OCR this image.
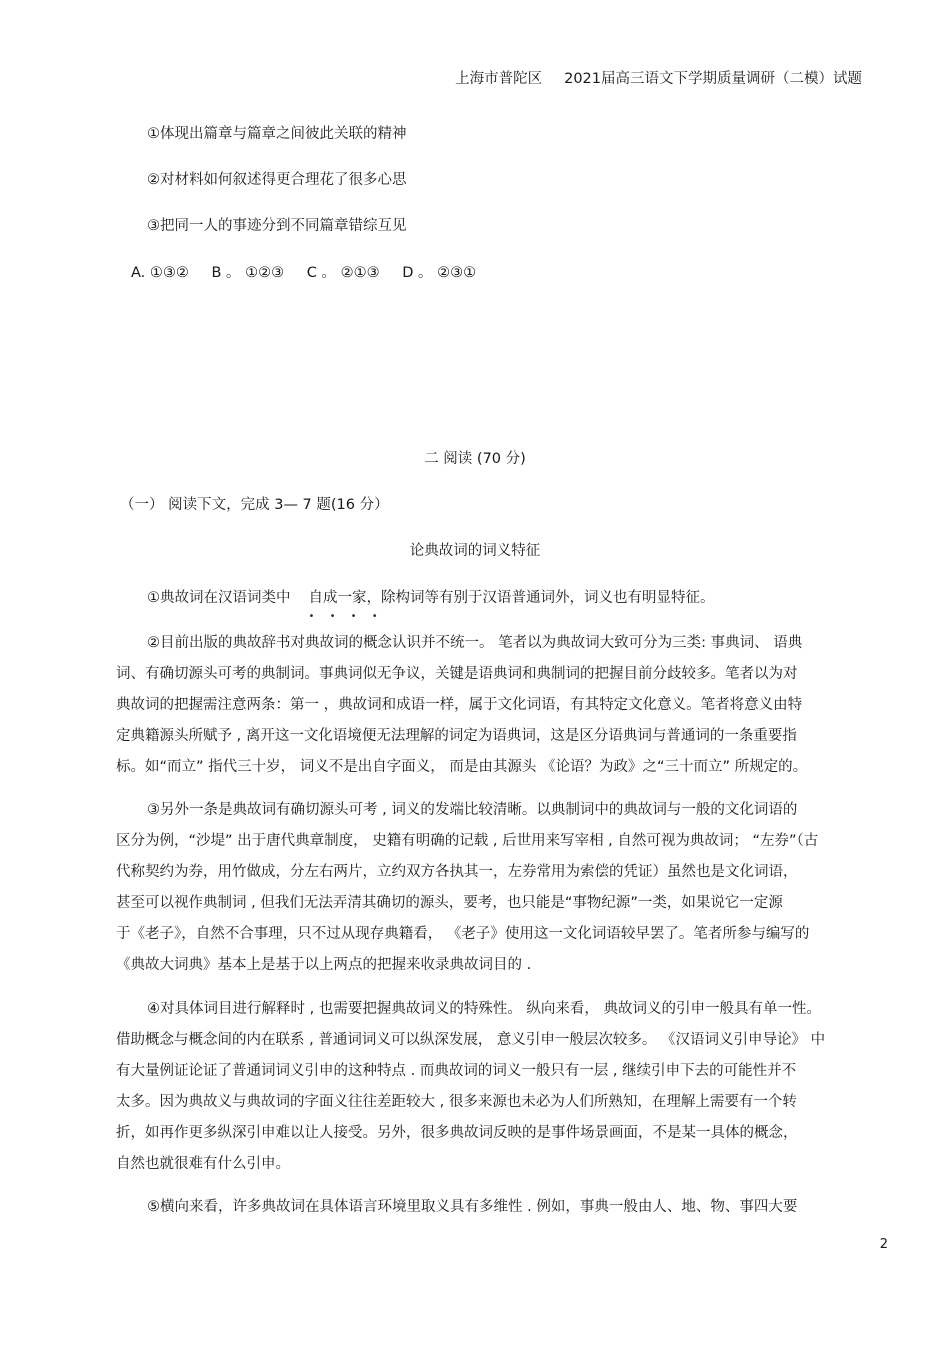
上海市普陀区 2021届高三语文下学期质量调研（二模）试题
①体现出篇章与篇章之间彼此关联的精神
②对材料如何叙述得更合理花了很多心思
③把同一人的事迹分到不同篇章错综互见
A. ①③② B 。 ①②③ C 。 ②①③ D 。 ②③①
二 阅读 (70 分)
（一） 阅读下文，完成 3— 7 题(16 分）
论典故词的词义特征
①典故词在汉语词类中 自成一家
• • • •
，除构词等有别于汉语普通词外，词义也有明显特征。
②目前出版的典故辞书对典故词的概念认识并不统一。 笔者以为典故词大致可分为三类: 事典词、 语典
词、有确切源头可考的典制词。事典词似无争议，关键是语典词和典制词的把握目前分歧较多。笔者以为对
典故词的把握需注意两条：第一 ，典故词和成语一样，属于文化词语，有其特定文化意义。笔者将意义由特
定典籍源头所赋予 , 离开这一文化语境便无法理解的词定为语典词，这是区分语典词与普通词的一条重要指
标。如“而立” 指代三十岁， 词义不是出自字面义， 而是由其源头 《论语？为政》之“三十而立” 所规定的。
③另外一条是典故词有确切源头可考 , 词义的发端比较清晰。以典制词中的典故词与一般的文化词语的
区分为例，“沙堤” 出于唐代典章制度， 史籍有明确的记载 , 后世用来写宰相 , 自然可视为典故词； “左券”（古
代称契约为券，用竹做成，分左右两片，立约双方各执其一，左券常用为索偿的凭证）虽然也是文化词语，
甚至可以视作典制词 , 但我们无法弄清其确切的源头，要考，也只能是“事物纪源”一类，如果说它一定源
于《老子》，自然不合事理，只不过从现存典籍看， 《老子》使用这一文化词语较早罢了。笔者所参与编写的
《典故大词典》基本上是基于以上两点的把握来收录典故词目的 .
④对具体词目进行解释时 , 也需要把握典故词义的特殊性。 纵向来看， 典故词义的引申一般具有单一性。
借助概念与概念间的内在联系 , 普通词词义可以纵深发展， 意义引申一般层次较多。 《汉语词义引申导论》 中
有大量例证论证了普通词词义引申的这种特点 . 而典故词的词义一般只有一层 , 继续引申下去的可能性并不
太多。因为典故义与典故词的字面义往往差距较大 , 很多来源也未必为人们所熟知，在理解上需要有一个转
折，如再作更多纵深引申难以让人接受。另外，很多典故词反映的是事件场景画面，不是某一具体的概念，
自然也就很难有什么引申。
⑤横向来看，许多典故词在具体语言环境里取义具有多维性 . 例如，事典一般由人、地、物、事四大要
2
